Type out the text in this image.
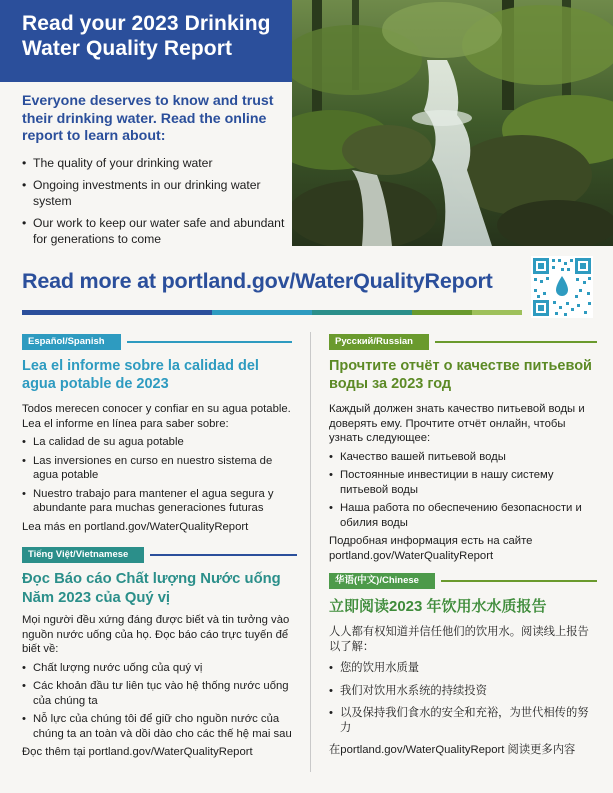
Read your 2023 Drinking
Water Quality Report

Everyone deserves to know and trust their drinking water. Read the online report to learn about:

• The quality of your drinking water
• Ongoing investments in our drinking water system
• Our work to keep our water safe and abundant for generations to come
Read more at portland.gov/WaterQualityReport
Español/Spanish
Lea el informe sobre la calidad del agua potable de 2023

Todos merecen conocer y confiar en su agua potable. Lea el informe en línea para saber sobre:

• La calidad de su agua potable
• Las inversiones en curso en nuestro sistema de agua potable
• Nuestro trabajo para mantener el agua segura y abundante para muchas generaciones futuras

Lea más en portland.gov/WaterQualityReport

Tiếng Việt/Vietnamese
Đọc Báo cáo Chất lượng Nước uống Năm 2023 của Quý vị

Mọi người đều xứng đáng được biết và tin tưởng vào nguồn nước uống của họ. Đọc báo cáo trực tuyến để biết về:

• Chất lượng nước uống của quý vị
• Các khoản đầu tư liên tục vào hệ thống nước uống của chúng ta
• Nỗ lực của chúng tôi để giữ cho nguồn nước của chúng ta an toàn và dồi dào cho các thế hệ mai sau

Đọc thêm tại portland.gov/WaterQualityReport

Русский/Russian
Прочтите отчёт о качестве питьевой воды за 2023 год

Каждый должен знать качество питьевой воды и доверять ему. Прочтите отчёт онлайн, чтобы узнать следующее:

• Качество вашей питьевой воды
• Постоянные инвестиции в нашу систему питьевой воды
• Наша работа по обеспечению безопасности и обилия воды

Подробная информация есть на сайте portland.gov/WaterQualityReport

华语(中文)/Chinese
立即阅读2023 年饮用水水质报告

人人都有权知道并信任他们的饮用水。阅读线上报告以了解：

• 您的饮用水质量
• 我们对饮用水系统的持续投资
• 以及保持我们食水的安全和充裕，为世代相传的努力

在portland.gov/WaterQualityReport 阅读更多内容
